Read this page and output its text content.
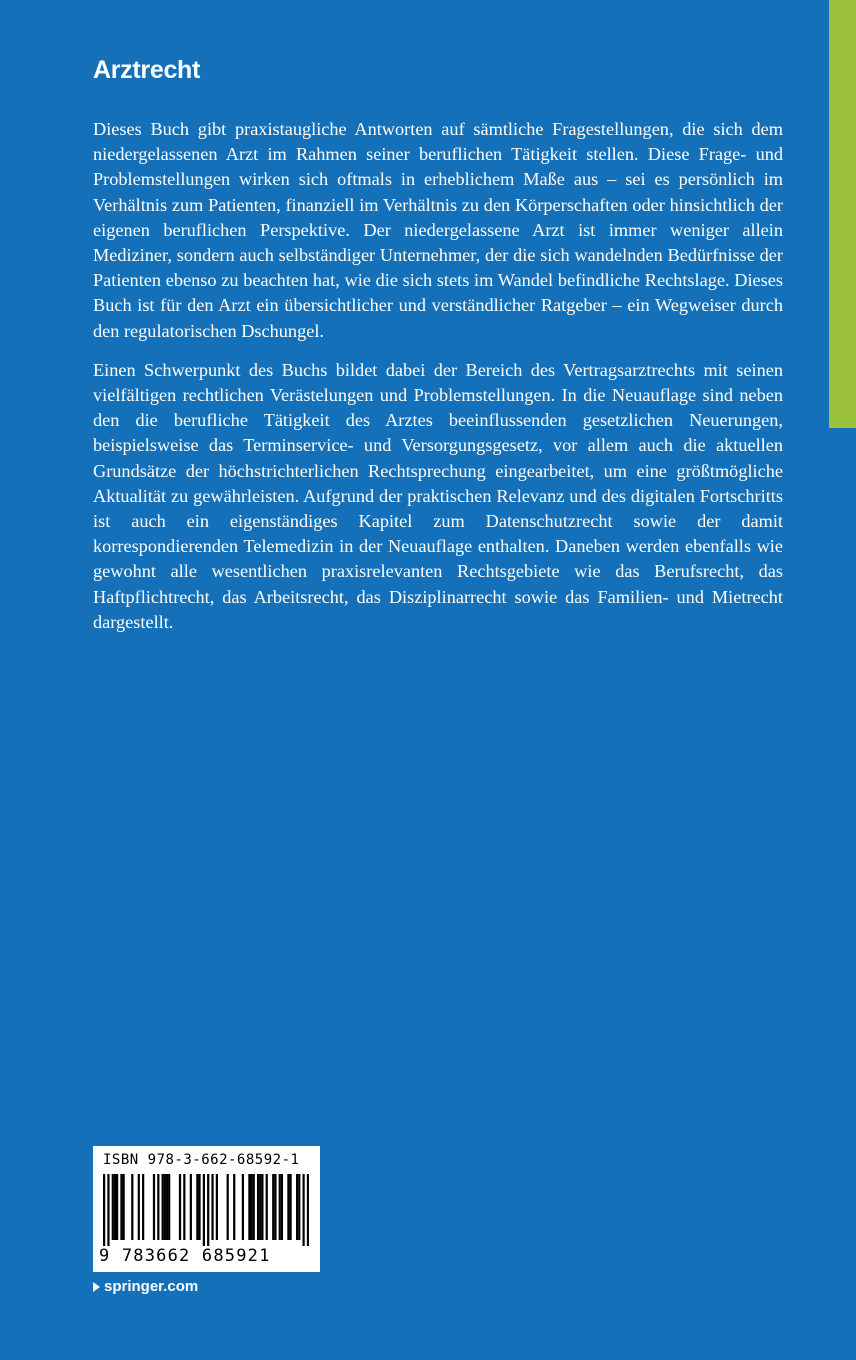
Arztrecht

Dieses Buch gibt praxistaugliche Antworten auf sämtliche Fragestellungen, die sich dem niedergelassenen Arzt im Rahmen seiner beruflichen Tätigkeit stellen. Diese Frage- und Problemstellungen wirken sich oftmals in erheblichem Maße aus – sei es persönlich im Verhältnis zum Patienten, finanziell im Verhältnis zu den Körperschaften oder hinsichtlich der eigenen beruflichen Perspektive. Der niedergelassene Arzt ist immer weniger allein Mediziner, sondern auch selbständiger Unternehmer, der die sich wandelnden Bedürfnisse der Patienten ebenso zu beachten hat, wie die sich stets im Wandel befindliche Rechtslage. Dieses Buch ist für den Arzt ein übersichtlicher und verständlicher Ratgeber – ein Wegweiser durch den regulatorischen Dschungel.

Einen Schwerpunkt des Buchs bildet dabei der Bereich des Vertragsarztrechts mit seinen vielfältigen rechtlichen Verästelungen und Problemstellungen. In die Neuauflage sind neben den die berufliche Tätigkeit des Arztes beeinflussenden gesetzlichen Neuerungen, beispielsweise das Terminservice- und Versorgungsgesetz, vor allem auch die aktuellen Grundsätze der höchstrichterlichen Rechtsprechung eingearbeitet, um eine größtmögliche Aktualität zu gewährleisten. Aufgrund der praktischen Relevanz und des digitalen Fortschritts ist auch ein eigenständiges Kapitel zum Datenschutzrecht sowie der damit korrespondierenden Telemedizin in der Neuauflage enthalten. Daneben werden ebenfalls wie gewohnt alle wesentlichen praxisrelevanten Rechtsgebiete wie das Berufsrecht, das Haftpflichtrecht, das Arbeitsrecht, das Disziplinarrecht sowie das Familien- und Mietrecht dargestellt.

ISBN 978-3-662-68592-1
9 783662 685921
springer.com
